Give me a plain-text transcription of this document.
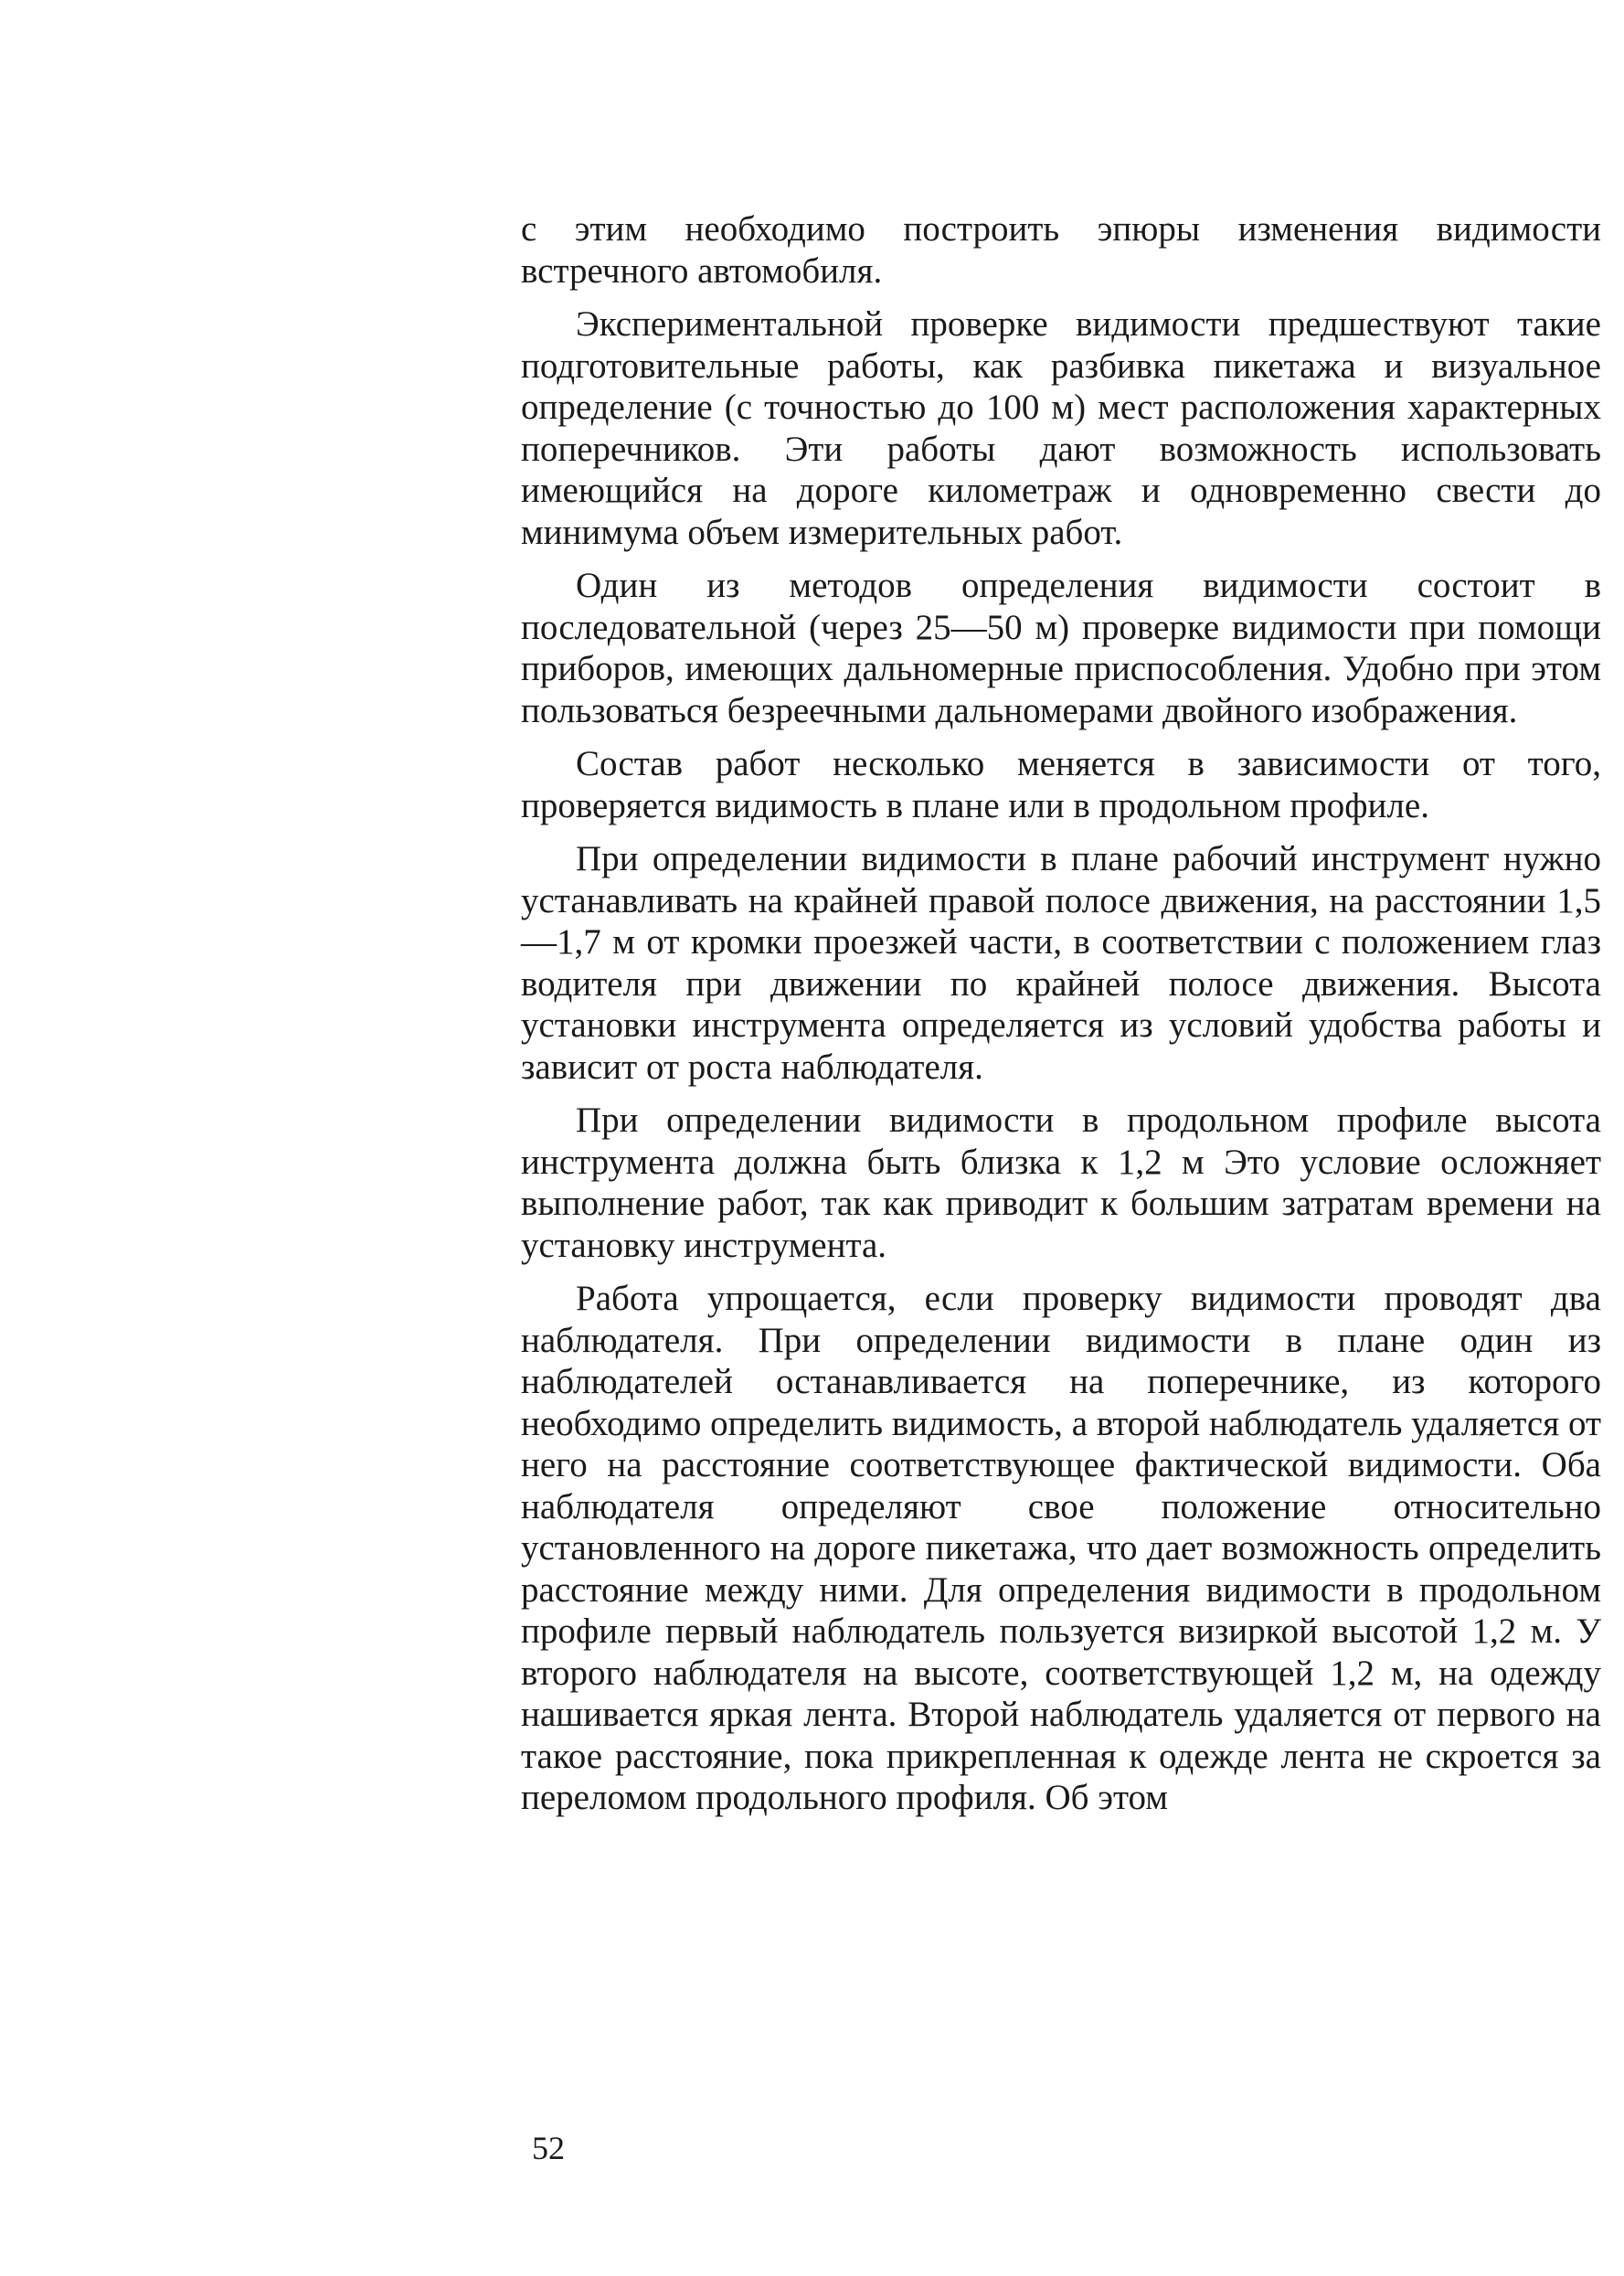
с этим необходимо построить эпюры изменения видимости встречного автомобиля.

Экспериментальной проверке видимости предшествуют такие подготовительные работы, как разбивка пикетажа и визуальное определение (с точностью до 100 м) мест расположения характерных поперечников. Эти работы дают возможность использовать имеющийся на дороге километраж и одновременно свести до минимума объем измерительных работ.

Один из методов определения видимости состоит в последовательной (через 25—50 м) проверке видимости при помощи приборов, имеющих дальномерные приспособления. Удобно при этом пользоваться безреечными дальномерами двойного изображения.

Состав работ несколько меняется в зависимости от того, проверяется видимость в плане или в продольном профиле.

При определении видимости в плане рабочий инструмент нужно устанавливать на крайней правой полосе движения, на расстоянии 1,5—1,7 м от кромки проезжей части, в соответствии с положением глаз водителя при движении по крайней полосе движения. Высота установки инструмента определяется из условий удобства работы и зависит от роста наблюдателя.

При определении видимости в продольном профиле высота инструмента должна быть близка к 1,2 м Это условие осложняет выполнение работ, так как приводит к большим затратам времени на установку инструмента.

Работа упрощается, если проверку видимости проводят два наблюдателя. При определении видимости в плане один из наблюдателей останавливается на поперечнике, из которого необходимо определить видимость, а второй наблюдатель удаляется от него на расстояние соответствующее фактической видимости. Оба наблюдателя определяют свое положение относительно установленного на дороге пикетажа, что дает возможность определить расстояние между ними. Для определения видимости в продольном профиле первый наблюдатель пользуется визиркой высотой 1,2 м. У второго наблюдателя на высоте, соответствующей 1,2 м, на одежду нашивается яркая лента. Второй наблюдатель удаляется от первого на такое расстояние, пока прикрепленная к одежде лента не скроется за переломом продольного профиля. Об этом

52
